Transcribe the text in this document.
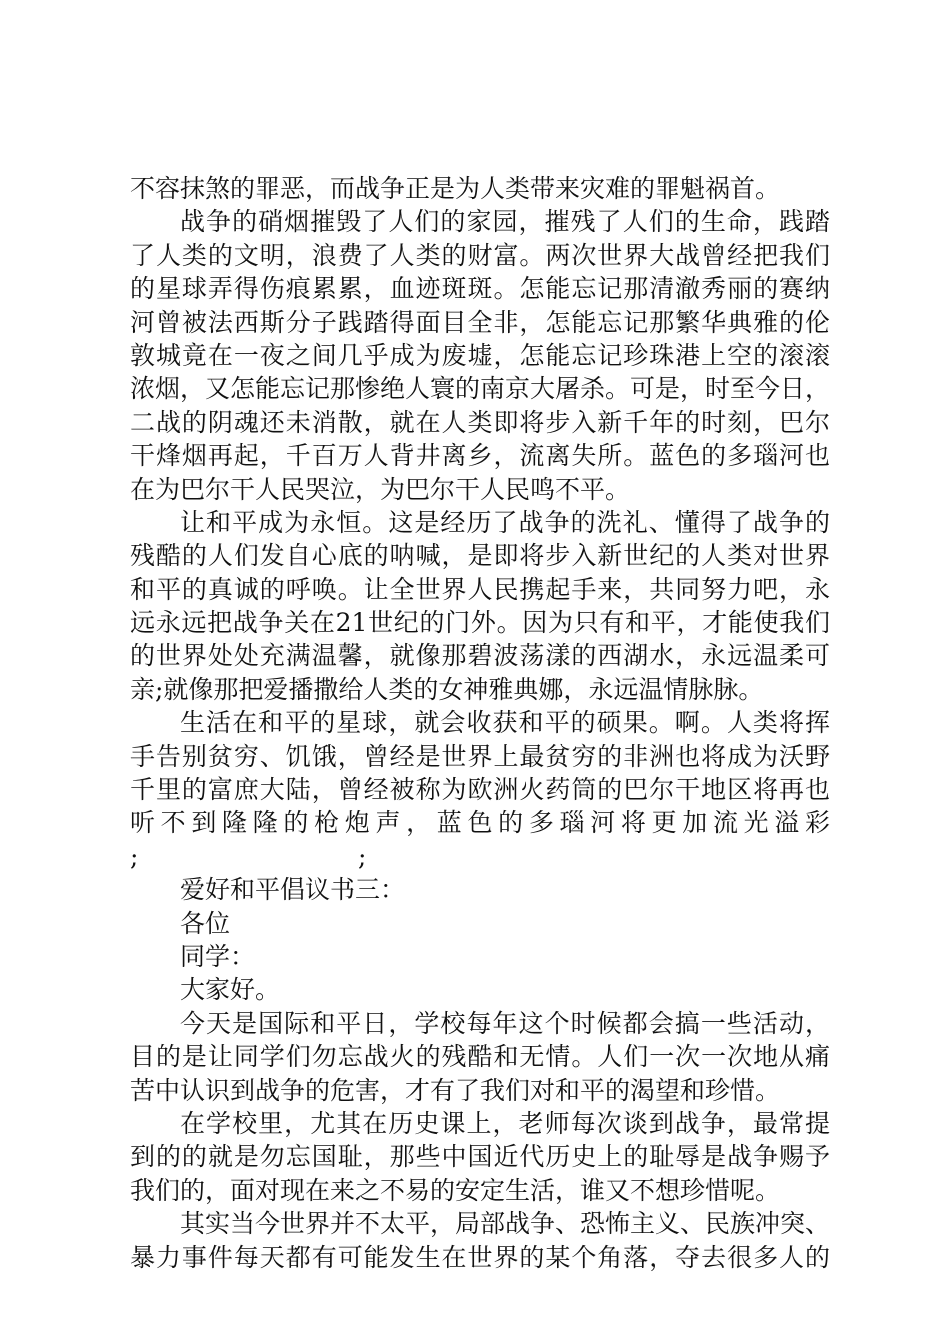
不容抹煞的罪恶，而战争正是为人类带来灾难的罪魁祸首。
战争的硝烟摧毁了人们的家园，摧残了人们的生命，践踏
了人类的文明，浪费了人类的财富。两次世界大战曾经把我们
的星球弄得伤痕累累，血迹斑斑。怎能忘记那清澈秀丽的赛纳
河曾被法西斯分子践踏得面目全非，怎能忘记那繁华典雅的伦
敦城竟在一夜之间几乎成为废墟，怎能忘记珍珠港上空的滚滚
浓烟，又怎能忘记那惨绝人寰的南京大屠杀。可是，时至今日，
二战的阴魂还未消散，就在人类即将步入新千年的时刻，巴尔
干烽烟再起，千百万人背井离乡，流离失所。蓝色的多瑙河也
在为巴尔干人民哭泣，为巴尔干人民鸣不平。
让和平成为永恒。这是经历了战争的洗礼、懂得了战争的
残酷的人们发自心底的呐喊，是即将步入新世纪的人类对世界
和平的真诚的呼唤。让全世界人民携起手来，共同努力吧，永
远永远把战争关在21世纪的门外。因为只有和平，才能使我们
的世界处处充满温馨，就像那碧波荡漾的西湖水，永远温柔可
亲;就像那把爱播撒给人类的女神雅典娜，永远温情脉脉。
生活在和平的星球，就会收获和平的硕果。啊。人类将挥
手告别贫穷、饥饿，曾经是世界上最贫穷的非洲也将成为沃野
千里的富庶大陆，曾经被称为欧洲火药筒的巴尔干地区将再也
听不到隆隆的枪炮声，蓝色的多瑙河将更加流光溢彩
;	;
爱好和平倡议书三：
各位
同学：
大家好。
今天是国际和平日，学校每年这个时候都会搞一些活动，
目的是让同学们勿忘战火的残酷和无情。人们一次一次地从痛
苦中认识到战争的危害，才有了我们对和平的渴望和珍惜。
在学校里，尤其在历史课上，老师每次谈到战争，最常提
到的的就是勿忘国耻，那些中国近代历史上的耻辱是战争赐予
我们的，面对现在来之不易的安定生活，谁又不想珍惜呢。
其实当今世界并不太平，局部战争、恐怖主义、民族冲突、
暴力事件每天都有可能发生在世界的某个角落，夺去很多人的
